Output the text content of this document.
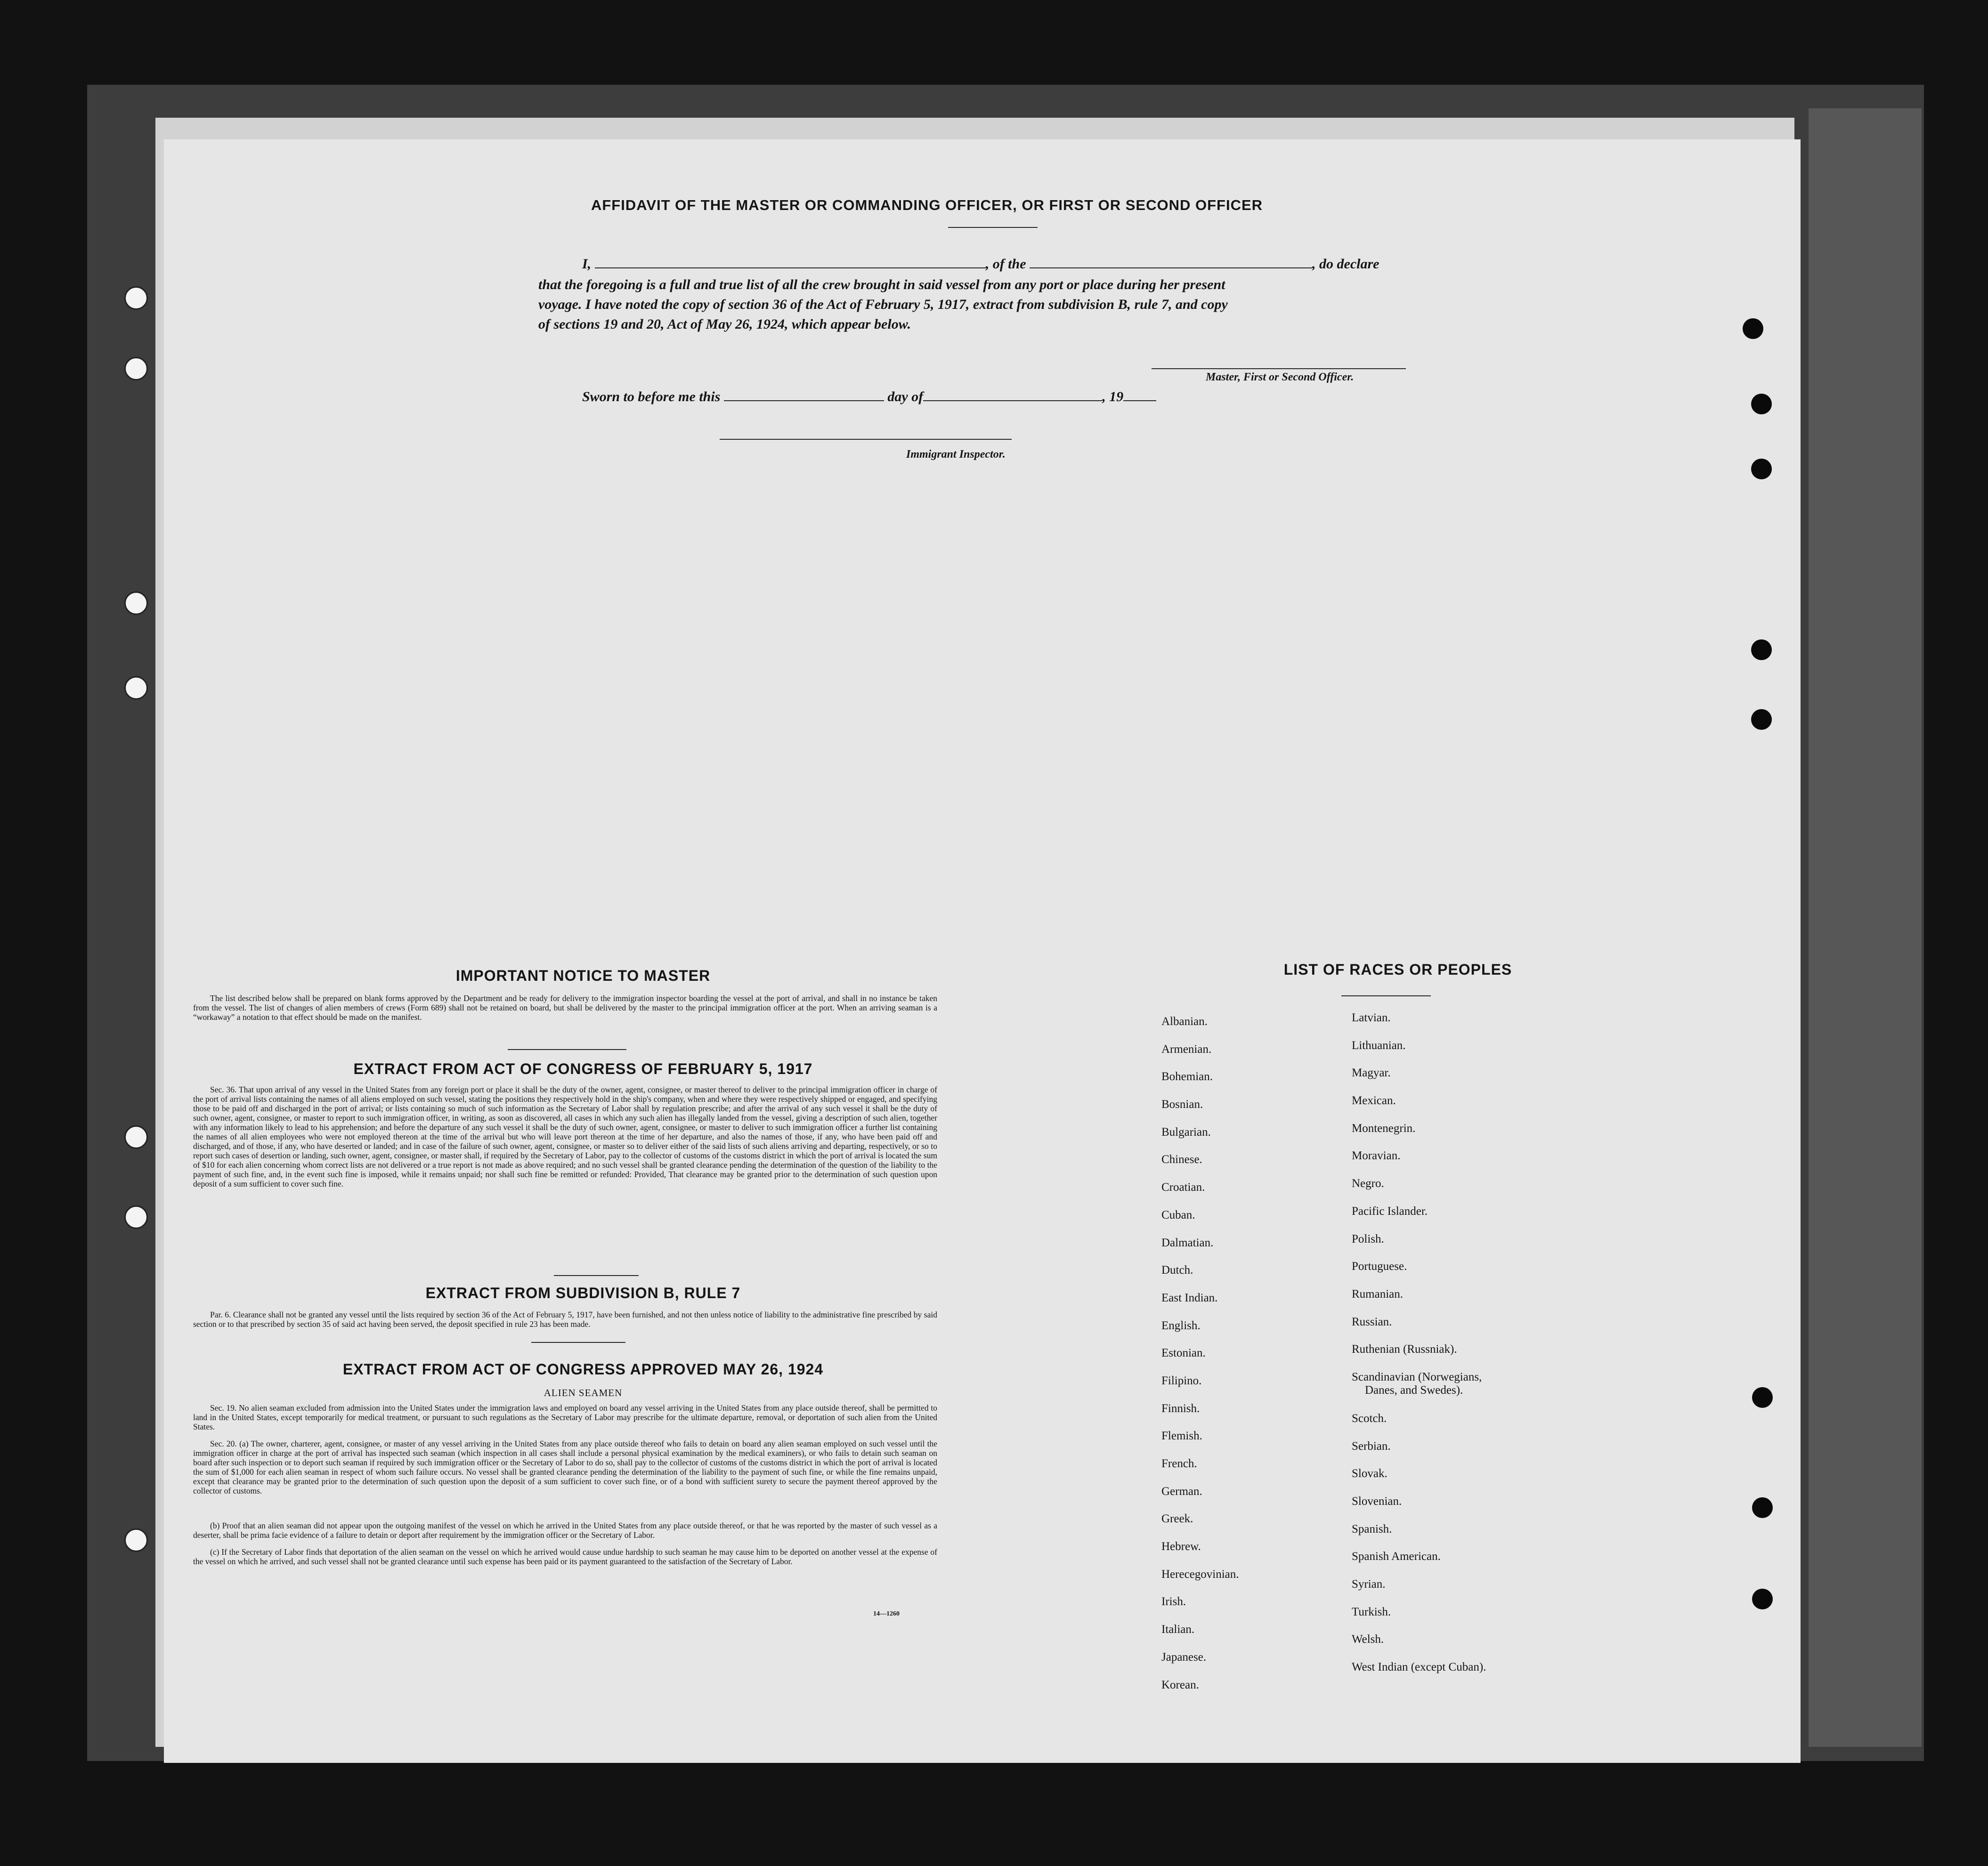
AFFIDAVIT OF THE MASTER OR COMMANDING OFFICER, OR FIRST OR SECOND OFFICER
I,	, of the	, do declare
that the foregoing is a full and true list of all the crew brought in said vessel from any port or place during her present
voyage. I have noted the copy of section 36 of the Act of February 5, 1917, extract from subdivision B, rule 7, and copy
of sections 19 and 20, Act of May 26, 1924, which appear below.
Master, First or Second Officer.
Sworn to before me this	day of	, 19
Immigrant Inspector.
IMPORTANT NOTICE TO MASTER
The list described below shall be prepared on blank forms approved by the Department and be ready for delivery to the immigration inspector boarding the vessel at the port of arrival, and shall in no instance be taken from the vessel. The list of changes of alien members of crews (Form 689) shall not be retained on board, but shall be delivered by the master to the principal immigration officer at the port. When an arriving seaman is a “workaway” a notation to that effect should be made on the manifest.
EXTRACT FROM ACT OF CONGRESS OF FEBRUARY 5, 1917
Sec. 36. That upon arrival of any vessel in the United States from any foreign port or place it shall be the duty of the owner, agent, consignee, or master thereof to deliver to the principal immigration officer in charge of the port of arrival lists containing the names of all aliens employed on such vessel, stating the positions they respectively hold in the ship's company, when and where they were respectively shipped or engaged, and specifying those to be paid off and discharged in the port of arrival; or lists containing so much of such information as the Secretary of Labor shall by regulation prescribe; and after the arrival of any such vessel it shall be the duty of such owner, agent, consignee, or master to report to such immigration officer, in writing, as soon as discovered, all cases in which any such alien has illegally landed from the vessel, giving a description of such alien, together with any information likely to lead to his apprehension; and before the departure of any such vessel it shall be the duty of such owner, agent, consignee, or master to deliver to such immigration officer a further list containing the names of all alien employees who were not employed thereon at the time of the arrival but who will leave port thereon at the time of her departure, and also the names of those, if any, who have been paid off and discharged, and of those, if any, who have deserted or landed; and in case of the failure of such owner, agent, consignee, or master so to deliver either of the said lists of such aliens arriving and departing, respectively, or so to report such cases of desertion or landing, such owner, agent, consignee, or master shall, if required by the Secretary of Labor, pay to the collector of customs of the customs district in which the port of arrival is located the sum of $10 for each alien concerning whom correct lists are not delivered or a true report is not made as above required; and no such vessel shall be granted clearance pending the determination of the question of the liability to the payment of such fine, and, in the event such fine is imposed, while it remains unpaid; nor shall such fine be remitted or refunded: Provided, That clearance may be granted prior to the determination of such question upon deposit of a sum sufficient to cover such fine.
EXTRACT FROM SUBDIVISION B, RULE 7
Par. 6. Clearance shall not be granted any vessel until the lists required by section 36 of the Act of February 5, 1917, have been furnished, and not then unless notice of liability to the administrative fine prescribed by said section or to that prescribed by section 35 of said act having been served, the deposit specified in rule 23 has been made.
EXTRACT FROM ACT OF CONGRESS APPROVED MAY 26, 1924
ALIEN SEAMEN
Sec. 19. No alien seaman excluded from admission into the United States under the immigration laws and employed on board any vessel arriving in the United States from any place outside thereof, shall be permitted to land in the United States, except temporarily for medical treatment, or pursuant to such regulations as the Secretary of Labor may prescribe for the ultimate departure, removal, or deportation of such alien from the United States.
Sec. 20. (a) The owner, charterer, agent, consignee, or master of any vessel arriving in the United States from any place outside thereof who fails to detain on board any alien seaman employed on such vessel until the immigration officer in charge at the port of arrival has inspected such seaman (which inspection in all cases shall include a personal physical examination by the medical examiners), or who fails to detain such seaman on board after such inspection or to deport such seaman if required by such immigration officer or the Secretary of Labor to do so, shall pay to the collector of customs of the customs district in which the port of arrival is located the sum of $1,000 for each alien seaman in respect of whom such failure occurs. No vessel shall be granted clearance pending the determination of the liability to the payment of such fine, or while the fine remains unpaid, except that clearance may be granted prior to the determination of such question upon the deposit of a sum sufficient to cover such fine, or of a bond with sufficient surety to secure the payment thereof approved by the collector of customs.
(b) Proof that an alien seaman did not appear upon the outgoing manifest of the vessel on which he arrived in the United States from any place outside thereof, or that he was reported by the master of such vessel as a deserter, shall be prima facie evidence of a failure to detain or deport after requirement by the immigration officer or the Secretary of Labor.
(c) If the Secretary of Labor finds that deportation of the alien seaman on the vessel on which he arrived would cause undue hardship to such seaman he may cause him to be deported on another vessel at the expense of the vessel on which he arrived, and such vessel shall not be granted clearance until such expense has been paid or its payment guaranteed to the satisfaction of the Secretary of Labor.
14—1260
LIST OF RACES OR PEOPLES
Albanian.
Armenian.
Bohemian.
Bosnian.
Bulgarian.
Chinese.
Croatian.
Cuban.
Dalmatian.
Dutch.
East Indian.
English.
Estonian.
Filipino.
Finnish.
Flemish.
French.
German.
Greek.
Hebrew.
Herecegovinian.
Irish.
Italian.
Japanese.
Korean.
Latvian.
Lithuanian.
Magyar.
Mexican.
Montenegrin.
Moravian.
Negro.
Pacific Islander.
Polish.
Portuguese.
Rumanian.
Russian.
Ruthenian (Russniak).
Scandinavian (Norwegians,
Danes, and Swedes).
Scotch.
Serbian.
Slovak.
Slovenian.
Spanish.
Spanish American.
Syrian.
Turkish.
Welsh.
West Indian (except Cuban).
